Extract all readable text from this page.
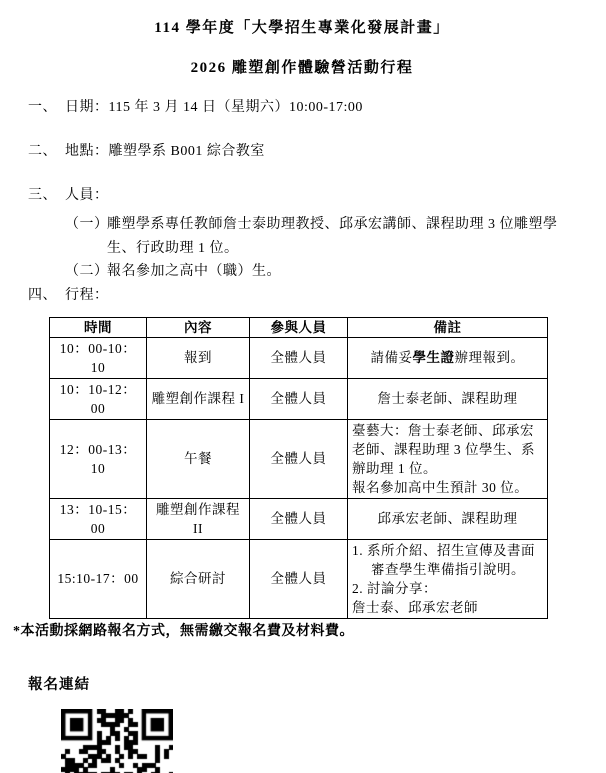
114 學年度「大學招生專業化發展計畫」
2026 雕塑創作體驗營活動行程
一、 日期：115 年 3 月 14 日（星期六）10:00-17:00
二、 地點：雕塑學系 B001 綜合教室
三、 人員：
（一）
雕塑學系專任教師詹士泰助理教授、邱承宏講師、課程助理 3 位雕塑學生、行政助理 1 位。
（二）
報名參加之高中（職）生。
四、 行程：
時間	內容	參與人員	備註
10：00-10：10	報到	全體人員	請備妥學生證辦理報到。
10：10-12：00	雕塑創作課程 I	全體人員	詹士泰老師、課程助理
12：00-13：10	午餐	全體人員	臺藝大：詹士泰老師、邱承宏老師、課程助理 3 位學生、系辦助理 1 位。
報名參加高中生預計 30 位。

13：10-15：00	雕塑創作課程 II	全體人員	邱承宏老師、課程助理
15:10-17：00	綜合研討	全體人員	1. 系所介紹、招生宣傳及書面審查學生準備指引說明。
2. 討論分享：
詹士泰、邱承宏老師
*本活動採網路報名方式，無需繳交報名費及材料費。
報名連結
